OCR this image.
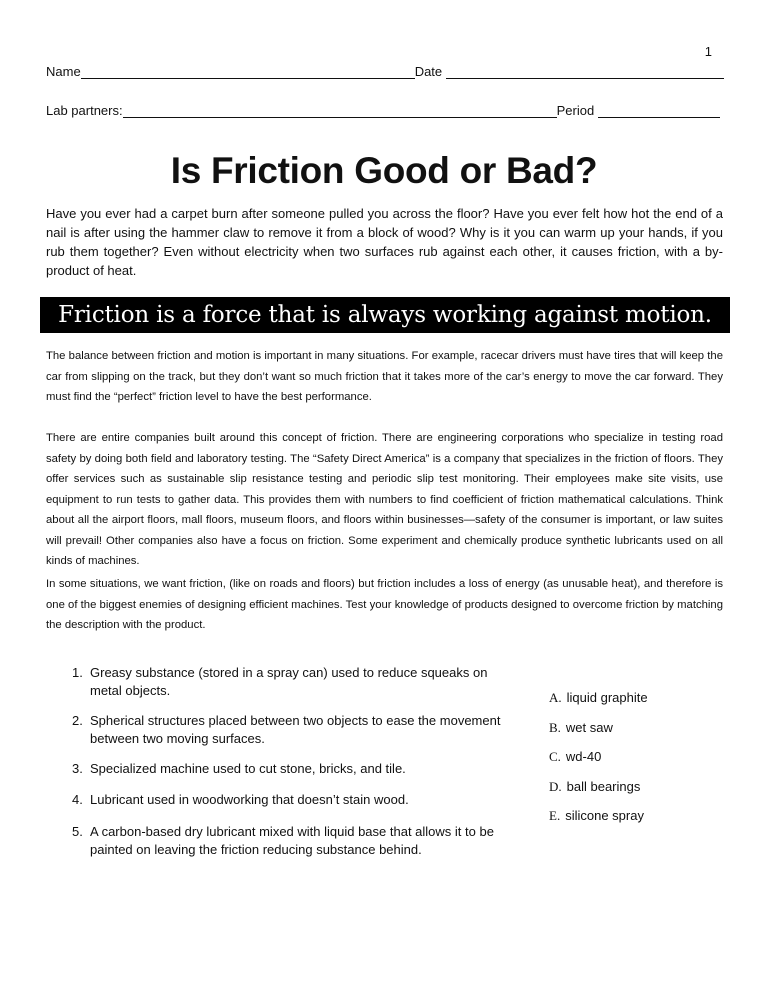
1
Name	Date
Lab partners:	Period
Is Friction Good or Bad?
Have you ever had a carpet burn after someone pulled you across the floor? Have you ever felt how hot the end of a nail is after using the hammer claw to remove it from a block of wood? Why is it you can warm up your hands, if you rub them together? Even without electricity when two surfaces rub against each other, it causes friction, with a by-product of heat.
Friction is a force that is always working against motion.
The balance between friction and motion is important in many situations. For example, racecar drivers must have tires that will keep the car from slipping on the track, but they don’t want so much friction that it takes more of the car’s energy to move the car forward. They must find the “perfect” friction level to have the best performance.
There are entire companies built around this concept of friction. There are engineering corporations who specialize in testing road safety by doing both field and laboratory testing. The “Safety Direct America” is a company that specializes in the friction of floors. They offer services such as sustainable slip resistance testing and periodic slip test monitoring. Their employees make site visits, use equipment to run tests to gather data. This provides them with numbers to find coefficient of friction mathematical calculations. Think about all the airport floors, mall floors, museum floors, and floors within businesses—safety of the consumer is important, or law suites will prevail! Other companies also have a focus on friction. Some experiment and chemically produce synthetic lubricants used on all kinds of machines.
In some situations, we want friction, (like on roads and floors) but friction includes a loss of energy (as unusable heat), and therefore is one of the biggest enemies of designing efficient machines. Test your knowledge of products designed to overcome friction by matching the description with the product.
1. Greasy substance (stored in a spray can) used to reduce squeaks on metal objects.
2. Spherical structures placed between two objects to ease the movement between two moving surfaces.
3. Specialized machine used to cut stone, bricks, and tile.
4. Lubricant used in woodworking that doesn’t stain wood.
5. A carbon-based dry lubricant mixed with liquid base that allows it to be painted on leaving the friction reducing substance behind.
A. liquid graphite
B. wet saw
C. wd-40
D. ball bearings
E. silicone spray
